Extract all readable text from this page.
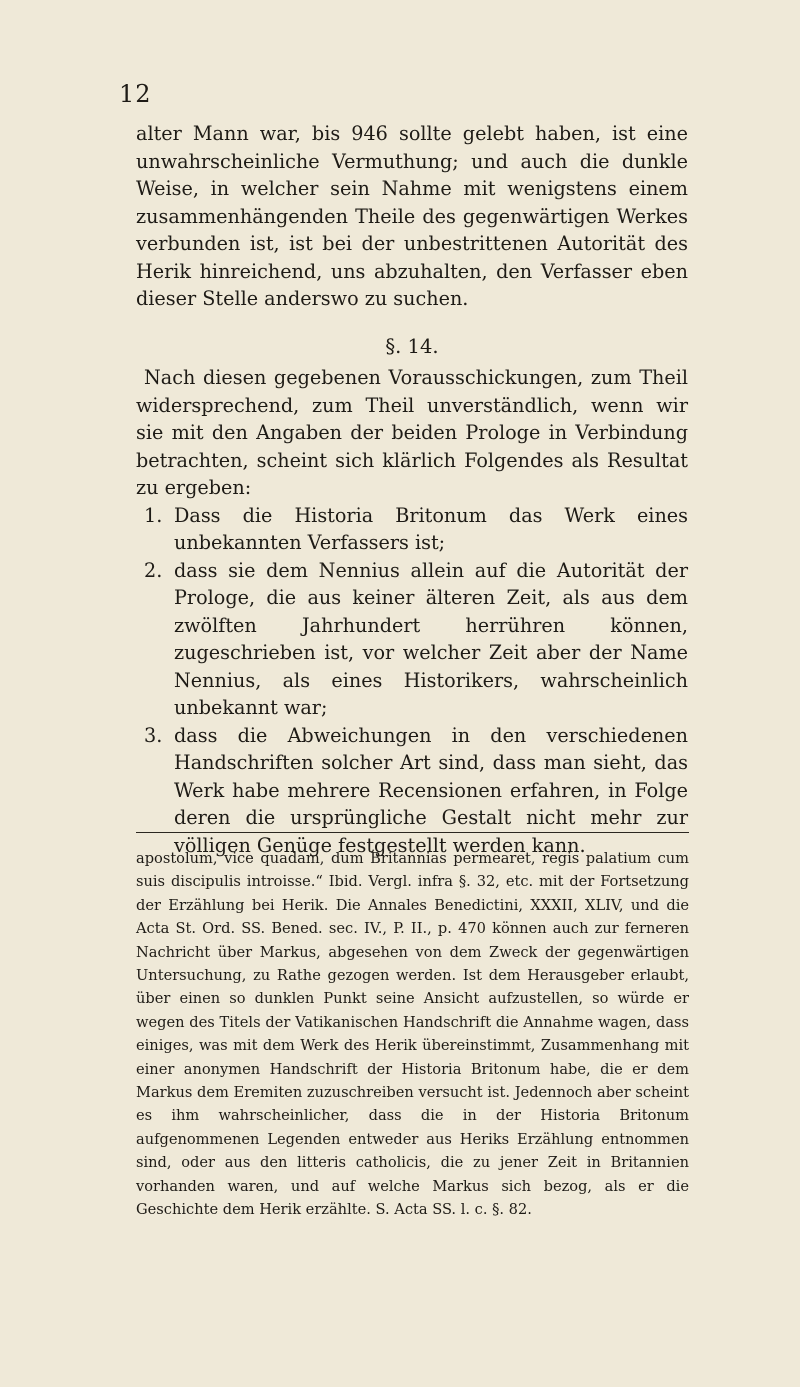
12

alter Mann war, bis 946 sollte gelebt haben, ist eine unwahrscheinliche Vermuthung; und auch die dunkle Weise, in welcher sein Nahme mit wenigstens einem zusammenhängenden Theile des gegenwärtigen Werkes verbunden ist, ist bei der unbestrittenen Autorität des Herik hinreichend, uns abzuhalten, den Verfasser eben dieser Stelle anderswo zu suchen.

§. 14.

Nach diesen gegebenen Vorausschickungen, zum Theil widersprechend, zum Theil unverständlich, wenn wir sie mit den Angaben der beiden Prologe in Verbindung betrachten, scheint sich klärlich Folgendes als Resultat zu ergeben:

1. Dass die Historia Britonum das Werk eines unbekannten Verfassers ist;
2. dass sie dem Nennius allein auf die Autorität der Prologe, die aus keiner älteren Zeit, als aus dem zwölften Jahrhundert herrühren können, zugeschrieben ist, vor welcher Zeit aber der Name Nennius, als eines Historikers, wahrscheinlich unbekannt war;
3. dass die Abweichungen in den verschiedenen Handschriften solcher Art sind, dass man sieht, das Werk habe mehrere Recensionen erfahren, in Folge deren die ursprüngliche Gestalt nicht mehr zur völligen Genüge festgestellt werden kann.

apostolum, vice quadam, dum Britannias permearet, regis palatium cum suis discipulis introisse.“ Ibid. Vergl. infra §. 32, etc. mit der Fortsetzung der Erzählung bei Herik. Die Annales Benedictini, XXXII, XLIV, und die Acta St. Ord. SS. Bened. sec. IV., P. II., p. 470 können auch zur ferneren Nachricht über Markus, abgesehen von dem Zweck der gegenwärtigen Untersuchung, zu Rathe gezogen werden. Ist dem Herausgeber erlaubt, über einen so dunklen Punkt seine Ansicht aufzustellen, so würde er wegen des Titels der Vatikanischen Handschrift die Annahme wagen, dass einiges, was mit dem Werk des Herik übereinstimmt, Zusammenhang mit einer anonymen Handschrift der Historia Britonum habe, die er dem Markus dem Eremiten zuzuschreiben versucht ist. Jedennoch aber scheint es ihm wahrscheinlicher, dass die in der Historia Britonum aufgenommenen Legenden entweder aus Heriks Erzählung entnommen sind, oder aus den litteris catholicis, die zu jener Zeit in Britannien vorhanden waren, und auf welche Markus sich bezog, als er die Geschichte dem Herik erzählte. S. Acta SS. l. c. §. 82.
